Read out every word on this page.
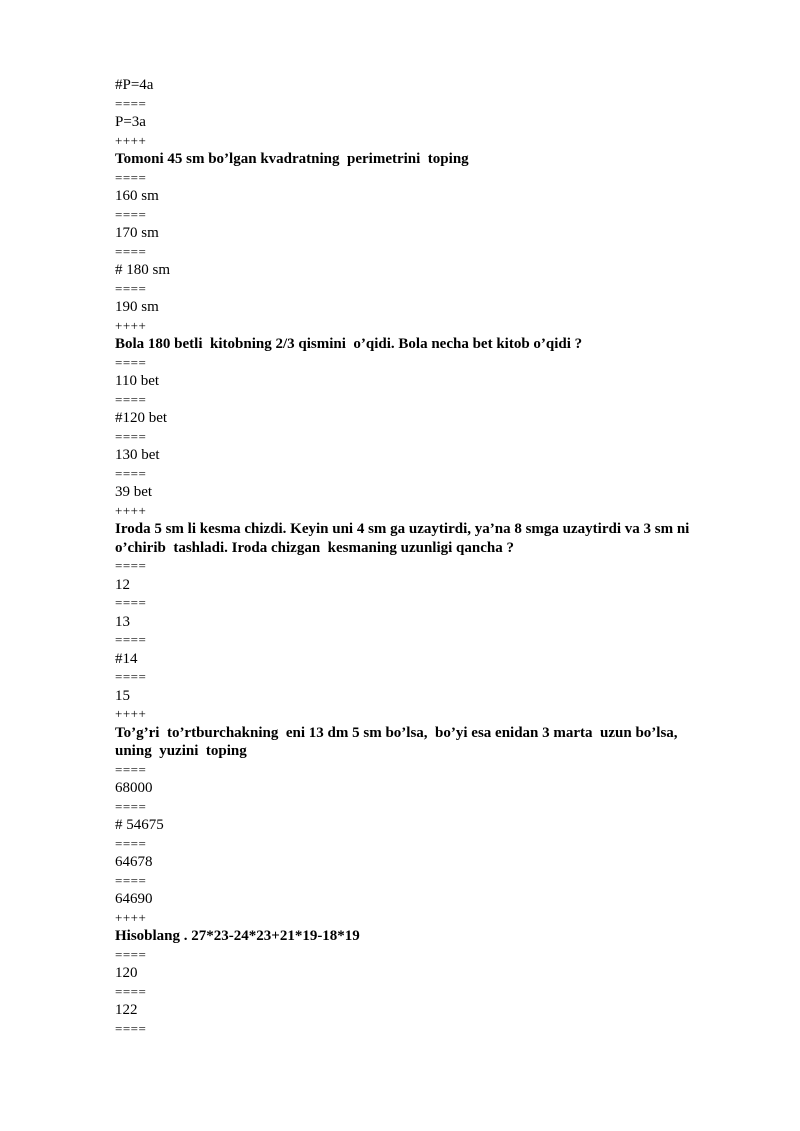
#P=4a
====
P=3a
++++
Tomoni 45 sm bo’lgan kvadratning  perimetrini  toping
====
160 sm
====
170 sm
====
# 180 sm
====
190 sm
++++
Bola 180 betli  kitobning 2/3 qismini  o’qidi. Bola necha bet kitob o’qidi ?
====
110 bet
====
#120 bet
====
130 bet
====
39 bet
++++
Iroda 5 sm li kesma chizdi. Keyin uni 4 sm ga uzaytirdi, ya’na 8 smga uzaytirdi va 3 sm ni
o’chirib  tashladi. Iroda chizgan  kesmaning uzunligi qancha ?
====
12
====
13
====
#14
====
15
++++
To’g’ri  to’rtburchakning  eni 13 dm 5 sm bo’lsa,  bo’yi esa enidan 3 marta  uzun bo’lsa,
uning  yuzini  toping
====
68000
====
# 54675
====
64678
====
64690
++++
Hisoblang . 27*23-24*23+21*19-18*19
====
120
====
122
====
